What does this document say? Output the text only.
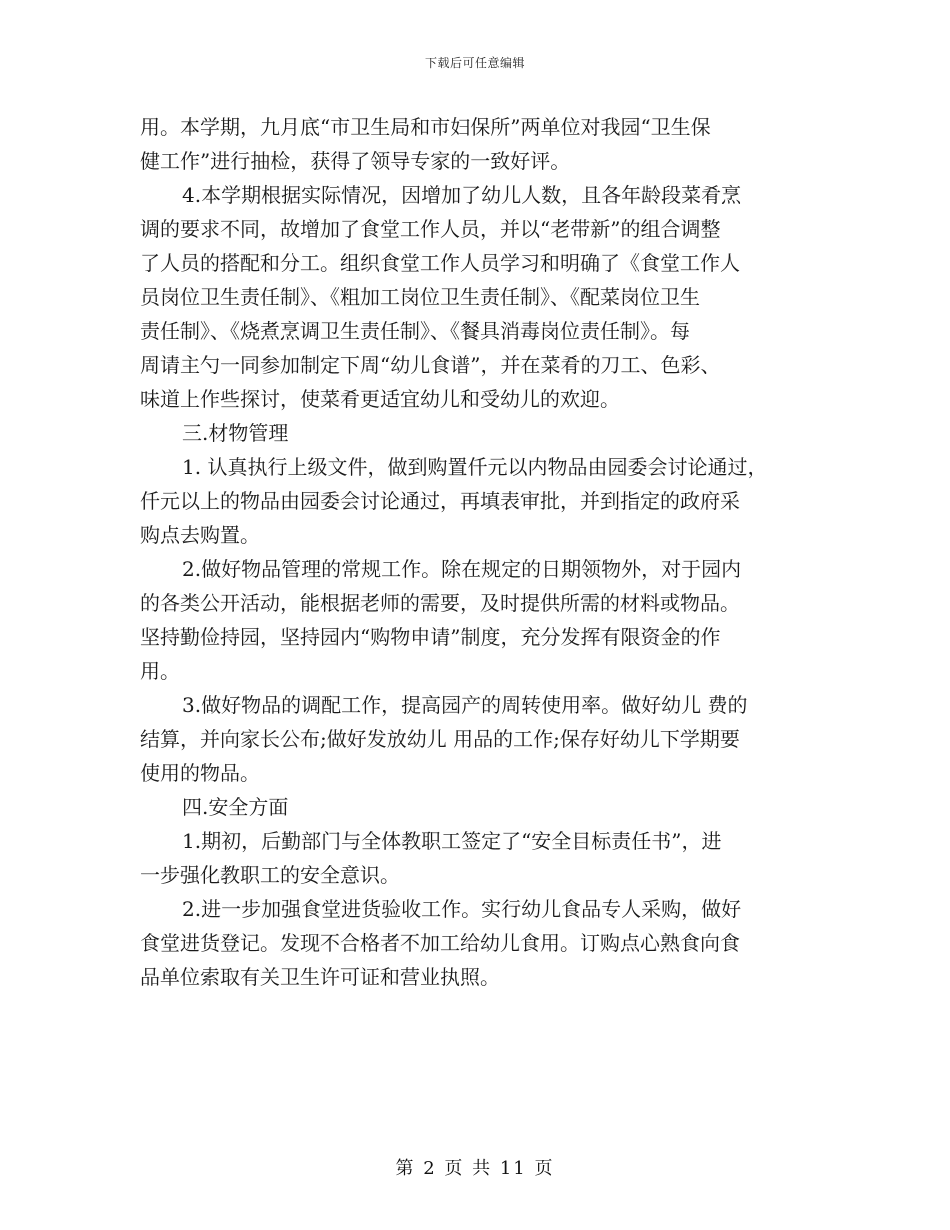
下载后可任意编辑

用。本学期，九月底“市卫生局和市妇保所”两单位对我园“卫生保
健工作”进行抽检，获得了领导专家的一致好评。

4.本学期根据实际情况，因增加了幼儿人数，且各年龄段菜肴烹
调的要求不同，故增加了食堂工作人员，并以“老带新”的组合调整
了人员的搭配和分工。组织食堂工作人员学习和明确了《食堂工作人
员岗位卫生责任制》、《粗加工岗位卫生责任制》、《配菜岗位卫生
责任制》、《烧煮烹调卫生责任制》、《餐具消毒岗位责任制》。每
周请主勺一同参加制定下周“幼儿食谱”，并在菜肴的刀工、色彩、
味道上作些探讨，使菜肴更适宜幼儿和受幼儿的欢迎。

三.材物管理

1. 认真执行上级文件，做到购置仟元以内物品由园委会讨论通过，
仟元以上的物品由园委会讨论通过，再填表审批，并到指定的政府采
购点去购置。

2.做好物品管理的常规工作。除在规定的日期领物外，对于园内
的各类公开活动，能根据老师的需要，及时提供所需的材料或物品。
坚持勤俭持园，坚持园内“购物申请”制度，充分发挥有限资金的作
用。

3.做好物品的调配工作，提高园产的周转使用率。做好幼儿 费的
结算，并向家长公布;做好发放幼儿 用品的工作;保存好幼儿下学期要
使用的物品。

四.安全方面

1.期初，后勤部门与全体教职工签定了“安全目标责任书”，进
一步强化教职工的安全意识。

2.进一步加强食堂进货验收工作。实行幼儿食品专人采购，做好
食堂进货登记。发现不合格者不加工给幼儿食用。订购点心熟食向食
品单位索取有关卫生许可证和营业执照。

第 2 页 共 11 页
